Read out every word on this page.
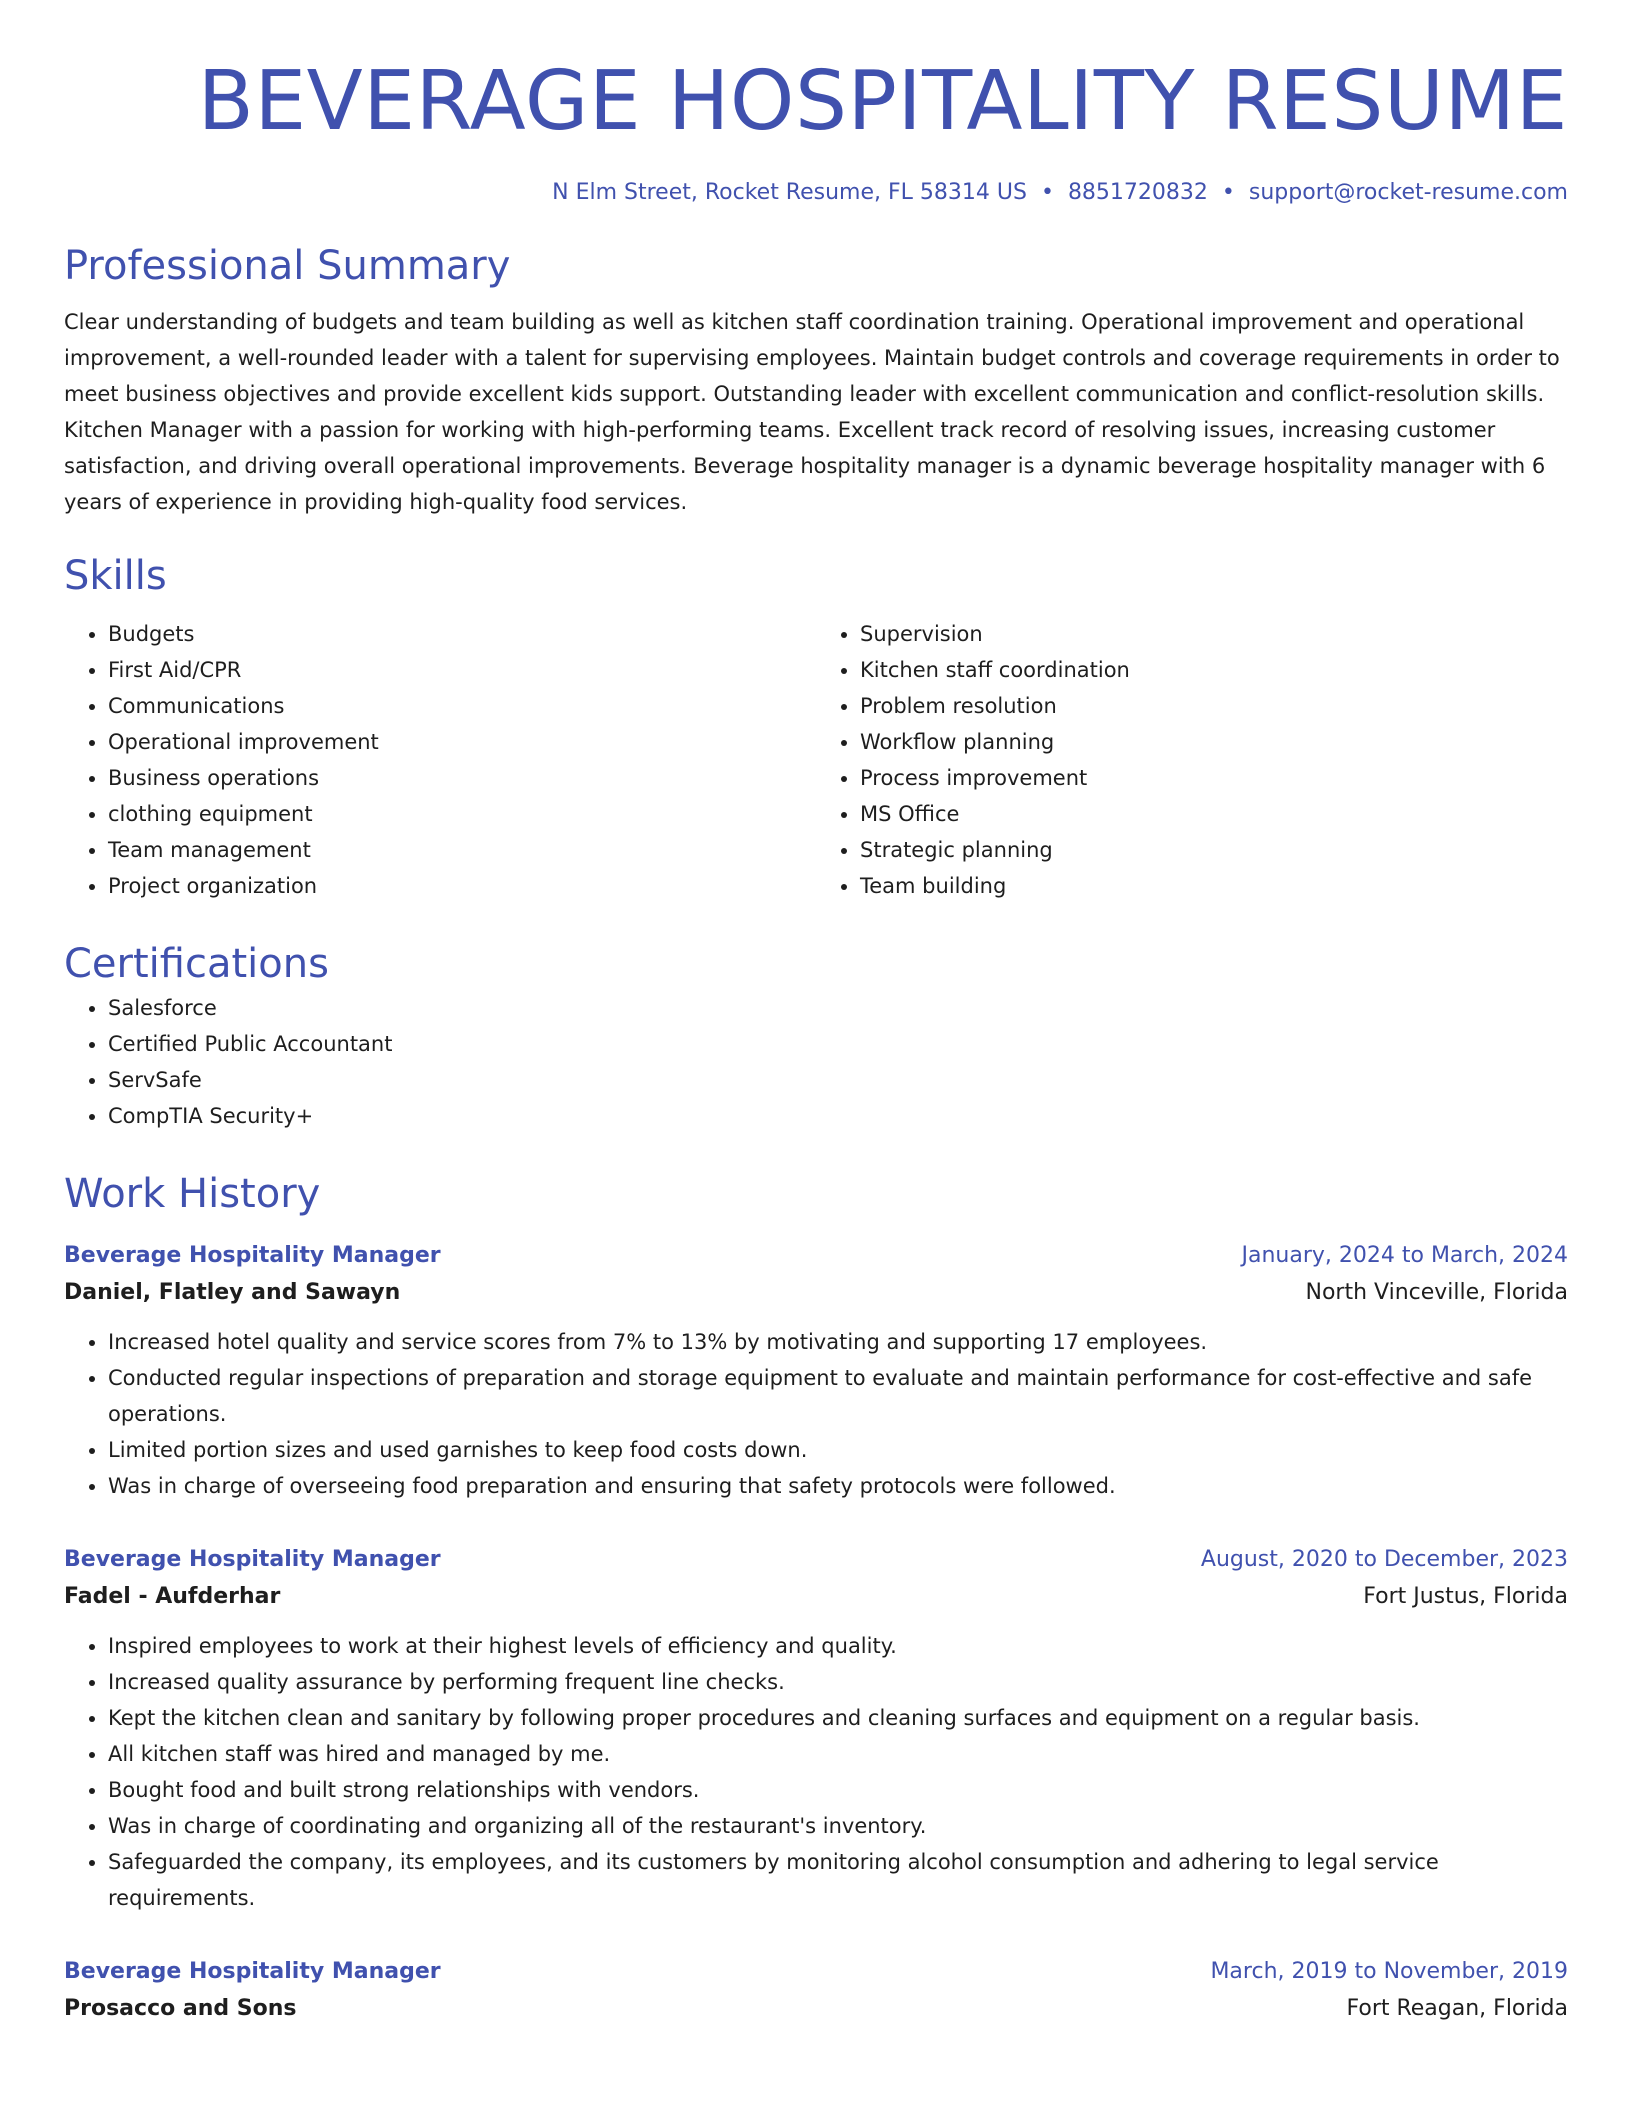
BEVERAGE HOSPITALITY RESUME
N Elm Street, Rocket Resume, FL 58314 US • 8851720832 • support@rocket-resume.com
Professional Summary

Clear understanding of budgets and team building as well as kitchen staff coordination training. Operational improvement and operational improvement, a well-rounded leader with a talent for supervising employees. Maintain budget controls and coverage requirements in order to meet business objectives and provide excellent kids support. Outstanding leader with excellent communication and conflict-resolution skills. Kitchen Manager with a passion for working with high-performing teams. Excellent track record of resolving issues, increasing customer satisfaction, and driving overall operational improvements. Beverage hospitality manager is a dynamic beverage hospitality manager with 6 years of experience in providing high-quality food services.

Skills
• Budgets
• First Aid/CPR
• Communications
• Operational improvement
• Business operations
• clothing equipment
• Team management
• Project organization
• Supervision
• Kitchen staff coordination
• Problem resolution
• Workflow planning
• Process improvement
• MS Office
• Strategic planning
• Team building
Certifications
• Salesforce
• Certified Public Accountant
• ServSafe
• CompTIA Security+
Work History
Beverage Hospitality Manager	January, 2024 to March, 2024
Daniel, Flatley and Sawayn	North Vinceville, Florida
• Increased hotel quality and service scores from 7% to 13% by motivating and supporting 17 employees.
• Conducted regular inspections of preparation and storage equipment to evaluate and maintain performance for cost-effective and safe operations.
• Limited portion sizes and used garnishes to keep food costs down.
• Was in charge of overseeing food preparation and ensuring that safety protocols were followed.
Beverage Hospitality Manager	August, 2020 to December, 2023
Fadel - Aufderhar	Fort Justus, Florida
• Inspired employees to work at their highest levels of efficiency and quality.
• Increased quality assurance by performing frequent line checks.
• Kept the kitchen clean and sanitary by following proper procedures and cleaning surfaces and equipment on a regular basis.
• All kitchen staff was hired and managed by me.
• Bought food and built strong relationships with vendors.
• Was in charge of coordinating and organizing all of the restaurant's inventory.
• Safeguarded the company, its employees, and its customers by monitoring alcohol consumption and adhering to legal service requirements.
Beverage Hospitality Manager	March, 2019 to November, 2019
Prosacco and Sons	Fort Reagan, Florida
